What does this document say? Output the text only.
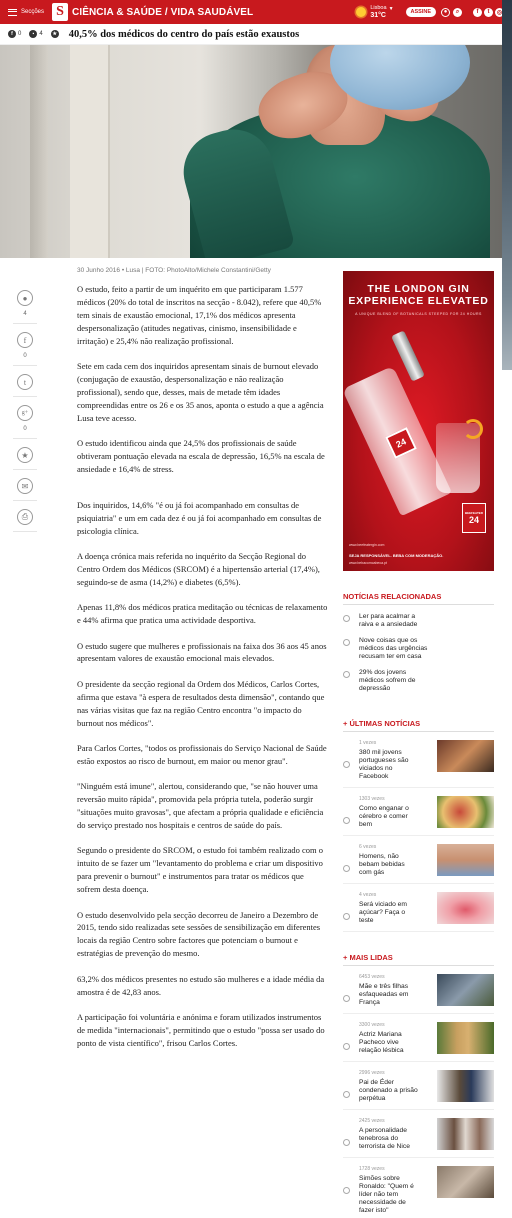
Secções S CIÊNCIA & SAÚDE / VIDA SAUDÁVEL	Lisboa
31°C
▼	ASSINE	●	⌕	f	t	◎
f 0	▪ 4	★ 40,5% dos médicos do centro do país estão exaustos
●
4
f
0
t
g+
0
★
✉
⎙
30 Junho 2016 • Lusa | FOTO: PhotoAlto/Michele Constantini/Getty

O estudo, feito a partir de um inquérito em que participaram 1.577 médicos (20% do total de inscritos na secção - 8.042), refere que 40,5% tem sinais de exaustão emocional, 17,1% dos médicos apresenta despersonalização (atitudes negativas, cinismo, insensibilidade e irritação) e 25,4% não realização profissional.

Sete em cada cem dos inquiridos apresentam sinais de burnout elevado (conjugação de exaustão, despersonalização e não realização profissional), sendo que, desses, mais de metade têm idades compreendidas entre os 26 e os 35 anos, aponta o estudo a que a agência Lusa teve acesso.

O estudo identificou ainda que 24,5% dos profissionais de saúde obtiveram pontuação elevada na escala de depressão, 16,5% na escala de ansiedade e 16,4% de stress.

Dos inquiridos, 14,6% "é ou já foi acompanhado em consultas de psiquiatria" e um em cada dez é ou já foi acompanhado em consultas de psicologia clínica.

A doença crónica mais referida no inquérito da Secção Regional do Centro Ordem dos Médicos (SRCOM) é a hipertensão arterial (17,4%), seguindo-se de asma (14,2%) e diabetes (6,5%).

Apenas 11,8% dos médicos pratica meditação ou técnicas de relaxamento e 44% afirma que pratica uma actividade desportiva.

O estudo sugere que mulheres e profissionais na faixa dos 36 aos 45 anos apresentam valores de exaustão emocional mais elevados.

O presidente da secção regional da Ordem dos Médicos, Carlos Cortes, afirma que estava "à espera de resultados desta dimensão", contando que nas várias visitas que faz na região Centro encontra "o impacto do burnout nos médicos".

Para Carlos Cortes, "todos os profissionais do Serviço Nacional de Saúde estão expostos ao risco de burnout, em maior ou menor grau".

"Ninguém está imune", alertou, considerando que, "se não houver uma reversão muito rápida", promovida pela própria tutela, poderão surgir "situações muito gravosas", que afectam a própria qualidade e eficiência do serviço prestado nos hospitais e centros de saúde do país.

Segundo o presidente do SRCOM, o estudo foi também realizado com o intuito de se fazer um "levantamento do problema e criar um dispositivo para prevenir o burnout" e instrumentos para tratar os médicos que sofrem desta doença.

O estudo desenvolvido pela secção decorreu de Janeiro a Dezembro de 2015, tendo sido realizadas sete sessões de sensibilização em diferentes locais da região Centro sobre factores que potenciam o burnout e estratégias de prevenção do mesmo.

63,2% dos médicos presentes no estudo são mulheres e a idade média da amostra é de 42,83 anos.

A participação foi voluntária e anónima e foram utilizados instrumentos de medida "internacionais", permitindo que o estudo "possa ser usado do ponto de vista científico", frisou Carlos Cortes.

THE LONDON GIN EXPERIENCE ELEVATED
A UNIQUE BLEND OF BOTANICALS STEEPED FOR 24 HOURS
24
BEEFEATER
24
www.beefeatergin.com
SEJA RESPONSÁVEL. BEBA COM MODERAÇÃO.
www.bebacomcabeca.pt
NOTÍCIAS RELACIONADAS
Ler para acalmar a raiva e a ansiedade
Nove coisas que os médicos das urgências recusam ter em casa
29% dos jovens médicos sofrem de depressão
+ ÚLTIMAS NOTÍCIAS
1 vezes
380 mil jovens portugueses são viciados no Facebook
1303 vezes
Como enganar o cérebro e comer bem
6 vezes
Homens, não bebam bebidas com gás
4 vezes
Será viciado em açúcar? Faça o teste
+ MAIS LIDAS
6453 vezes
Mãe e três filhas esfaqueadas em França
3300 vezes
Actriz Mariana Pacheco vive relação lésbica
2996 vezes
Pai de Éder condenado a prisão perpétua
2425 vezes
A personalidade tenebrosa do terrorista de Nice
1728 vezes
Simões sobre Ronaldo: "Quem é líder não tem necessidade de fazer isto"
